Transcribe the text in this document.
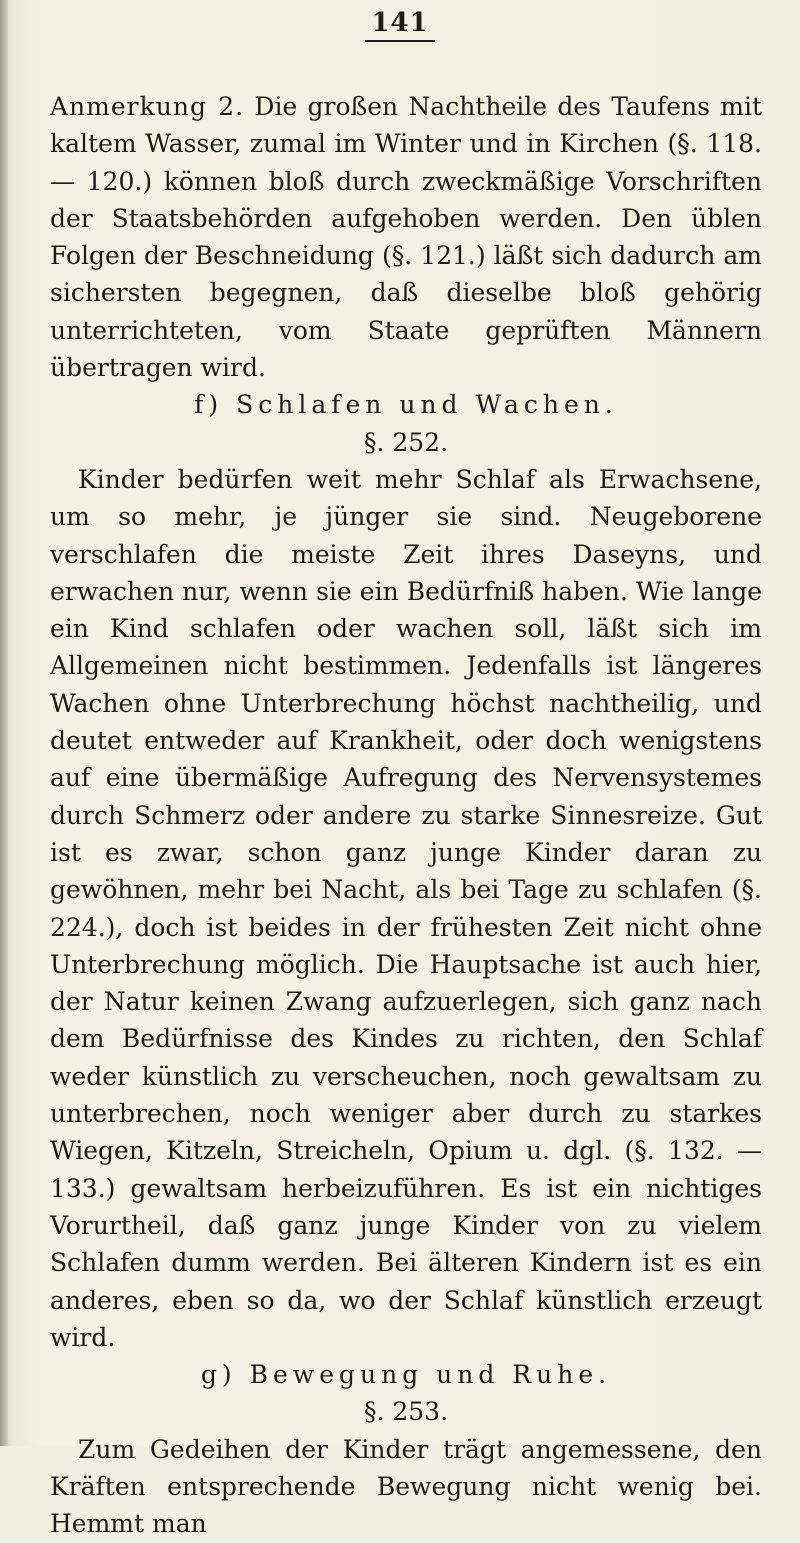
141

Anmerkung 2. Die großen Nachtheile des Taufens mit kaltem Wasser, zumal im Winter und in Kirchen (§. 118. — 120.) können bloß durch zweckmäßige Vorschriften der Staatsbehörden aufgehoben werden. Den üblen Folgen der Beschneidung (§. 121.) läßt sich dadurch am sichersten begegnen, daß dieselbe bloß gehörig unterrichteten, vom Staate geprüften Männern übertragen wird.

f) Schlafen und Wachen.

§. 252.

Kinder bedürfen weit mehr Schlaf als Erwachsene, um so mehr, je jünger sie sind. Neugeborene verschlafen die meiste Zeit ihres Daseyns, und erwachen nur, wenn sie ein Bedürfniß haben. Wie lange ein Kind schlafen oder wachen soll, läßt sich im Allgemeinen nicht bestimmen. Jedenfalls ist längeres Wachen ohne Unterbrechung höchst nachtheilig, und deutet entweder auf Krankheit, oder doch wenigstens auf eine übermäßige Aufregung des Nervensystemes durch Schmerz oder andere zu starke Sinnesreize. Gut ist es zwar, schon ganz junge Kinder daran zu gewöhnen, mehr bei Nacht, als bei Tage zu schlafen (§. 224.), doch ist beides in der frühesten Zeit nicht ohne Unterbrechung möglich. Die Hauptsache ist auch hier, der Natur keinen Zwang aufzuerlegen, sich ganz nach dem Bedürfnisse des Kindes zu richten, den Schlaf weder künstlich zu verscheuchen, noch gewaltsam zu unterbrechen, noch weniger aber durch zu starkes Wiegen, Kitzeln, Streicheln, Opium u. dgl. (§. 132. — 133.) gewaltsam herbeizuführen. Es ist ein nichtiges Vorurtheil, daß ganz junge Kinder von zu vielem Schlafen dumm werden. Bei älteren Kindern ist es ein anderes, eben so da, wo der Schlaf künstlich erzeugt wird.

g) Bewegung und Ruhe.

§. 253.

Zum Gedeihen der Kinder trägt angemessene, den Kräften entsprechende Bewegung nicht wenig bei. Hemmt man
